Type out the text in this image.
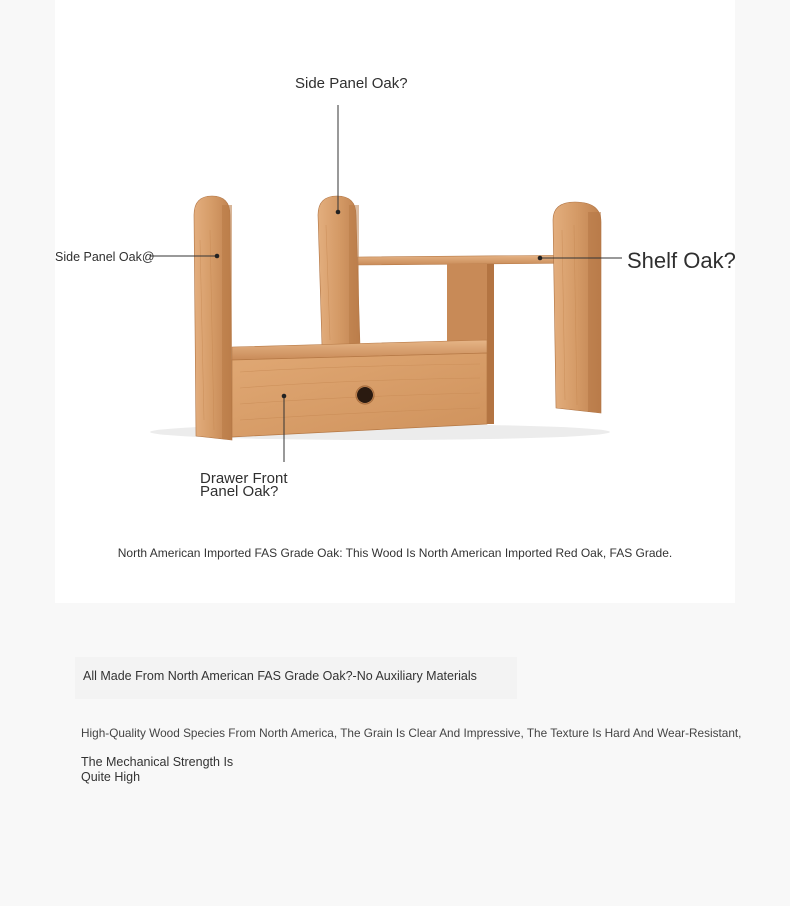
Side Panel Oak?
Side Panel Oak@	Shelf Oak?
Drawer Front
Panel Oak?
North American Imported FAS Grade Oak: This Wood Is North American Imported Red Oak, FAS Grade.
All Made From North American FAS Grade Oak?-No Auxiliary Materials
High-Quality Wood Species From North America, The Grain Is Clear And Impressive, The Texture Is Hard And Wear-Resistant,
The Mechanical Strength Is
Quite High
